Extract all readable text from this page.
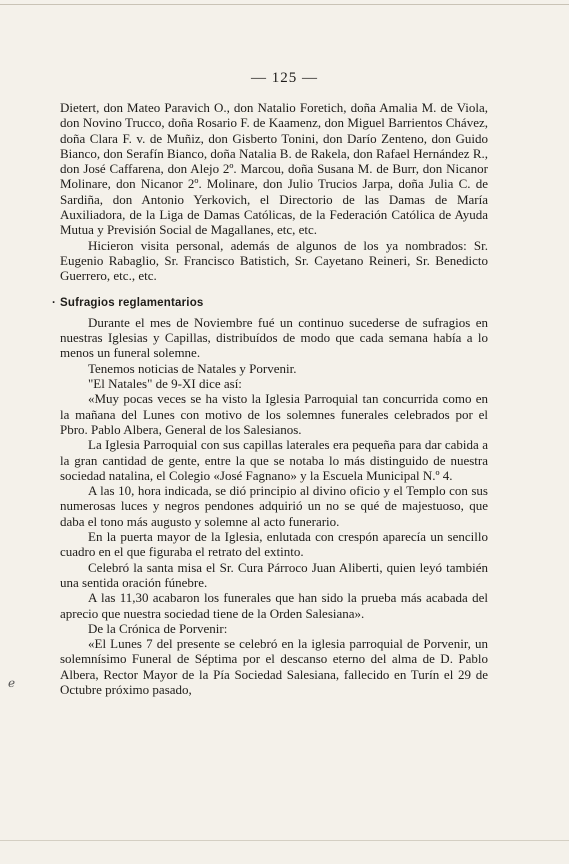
— 125 —

Dietert, don Mateo Paravich O., don Natalio Foretich, doña Amalia M. de Viola, don Novino Trucco, doña Rosario F. de Kaamenz, don Miguel Barrientos Chávez, doña Clara F. v. de Muñiz, don Gisberto Tonini, don Darío Zenteno, don Guido Bianco, don Serafín Bianco, doña Natalia B. de Rakela, don Rafael Hernández R., don José Caffarena, don Alejo 2º. Marcou, doña Susana M. de Burr, don Nicanor Molinare, don Nicanor 2º. Molinare, don Julio Trucios Jarpa, doña Julia C. de Sardiña, don Antonio Yerkovich, el Directorio de las Damas de María Auxiliadora, de la Liga de Damas Católicas, de la Federación Católica de Ayuda Mutua y Previsión Social de Magallanes, etc, etc.

Hicieron visita personal, además de algunos de los ya nombrados: Sr. Eugenio Rabaglio, Sr. Francisco Batistich, Sr. Cayetano Reineri, Sr. Benedicto Guerrero, etc., etc.

· Sufragios reglamentarios

Durante el mes de Noviembre fué un continuo sucederse de sufragios en nuestras Iglesias y Capillas, distribuídos de modo que cada semana había a lo menos un funeral solemne.

Tenemos noticias de Natales y Porvenir.

"El Natales" de 9-XI dice así:

«Muy pocas veces se ha visto la Iglesia Parroquial tan concurrida como en la mañana del Lunes con motivo de los solemnes funerales celebrados por el Pbro. Pablo Albera, General de los Salesianos.

La Iglesia Parroquial con sus capillas laterales era pequeña para dar cabida a la gran cantidad de gente, entre la que se notaba lo más distinguido de nuestra sociedad natalina, el Colegio «José Fagnano» y la Escuela Municipal N.º 4.

A las 10, hora indicada, se dió principio al divino oficio y el Templo con sus numerosas luces y negros pendones adquirió un no se qué de majestuoso, que daba el tono más augusto y solemne al acto funerario.

En la puerta mayor de la Iglesia, enlutada con crespón aparecía un sencillo cuadro en el que figuraba el retrato del extinto.

Celebró la santa misa el Sr. Cura Párroco Juan Aliberti, quien leyó también una sentida oración fúnebre.

A las 11,30 acabaron los funerales que han sido la prueba más acabada del aprecio que nuestra sociedad tiene de la Orden Salesiana».

De la Crónica de Porvenir:

«El Lunes 7 del presente se celebró en la iglesia parroquial de Porvenir, un solemnísimo Funeral de Séptima por el descanso eterno del alma de D. Pablo Albera, Rector Mayor de la Pía Sociedad Salesiana, fallecido en Turín el 29 de Octubre próximo pasado,

ℯ
